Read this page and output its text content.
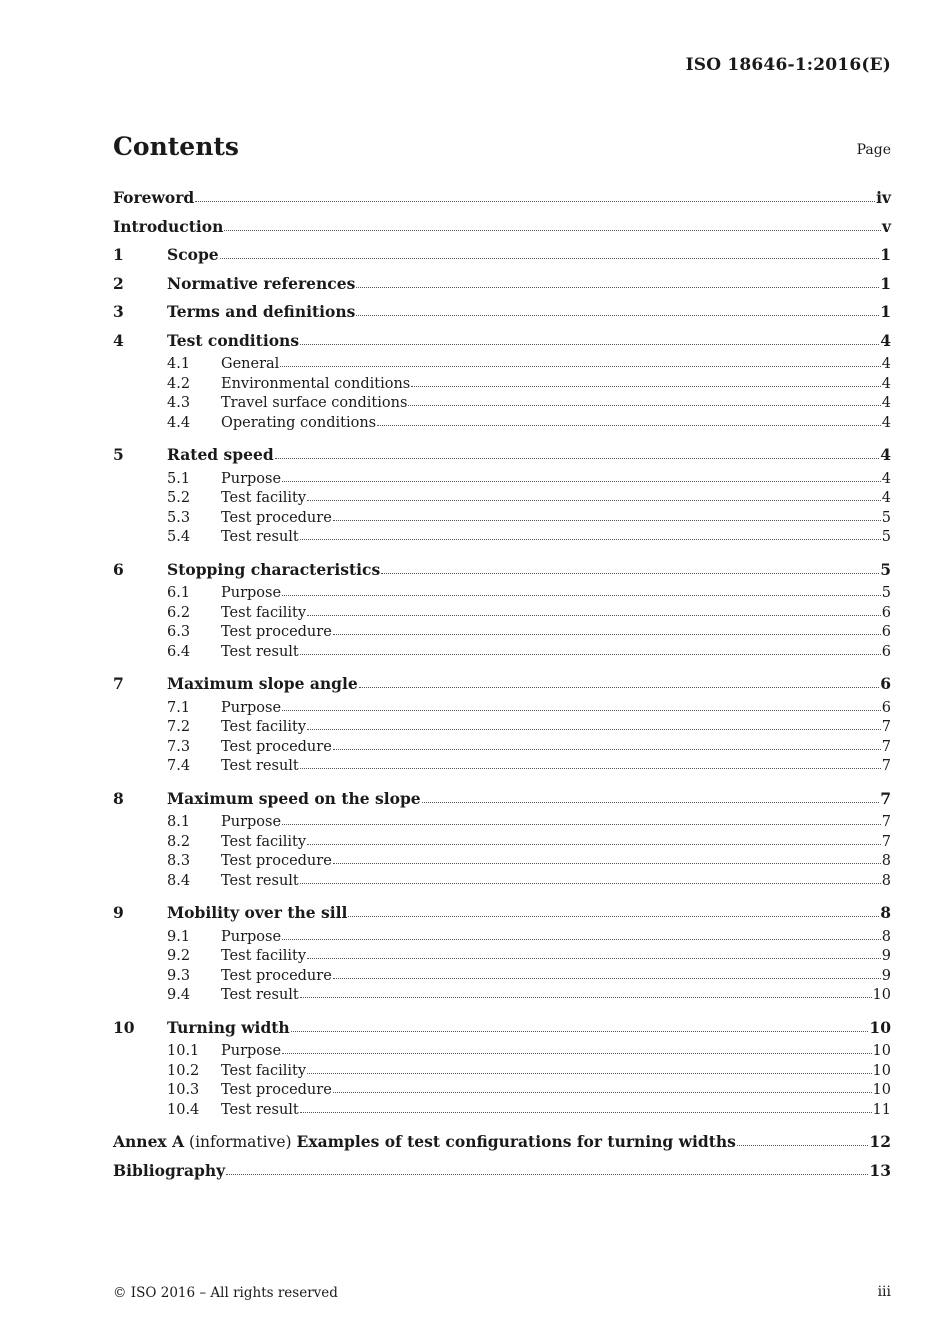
ISO 18646-1:2016(E)
Contents	Page
Foreword	iv
Introduction	v
1	Scope	1
2	Normative references	1
3	Terms and definitions	1
4	Test conditions	4
4.1	General	4
4.2	Environmental conditions	4
4.3	Travel surface conditions	4
4.4	Operating conditions	4
5	Rated speed	4
5.1	Purpose	4
5.2	Test facility	4
5.3	Test procedure	5
5.4	Test result	5
6	Stopping characteristics	5
6.1	Purpose	5
6.2	Test facility	6
6.3	Test procedure	6
6.4	Test result	6
7	Maximum slope angle	6
7.1	Purpose	6
7.2	Test facility	7
7.3	Test procedure	7
7.4	Test result	7
8	Maximum speed on the slope	7
8.1	Purpose	7
8.2	Test facility	7
8.3	Test procedure	8
8.4	Test result	8
9	Mobility over the sill	8
9.1	Purpose	8
9.2	Test facility	9
9.3	Test procedure	9
9.4	Test result	10
10	Turning width	10
10.1	Purpose	10
10.2	Test facility	10
10.3	Test procedure	10
10.4	Test result	11
Annex A (informative) Examples of test configurations for turning widths	12
Bibliography	13
© ISO 2016 – All rights reserved	iii
